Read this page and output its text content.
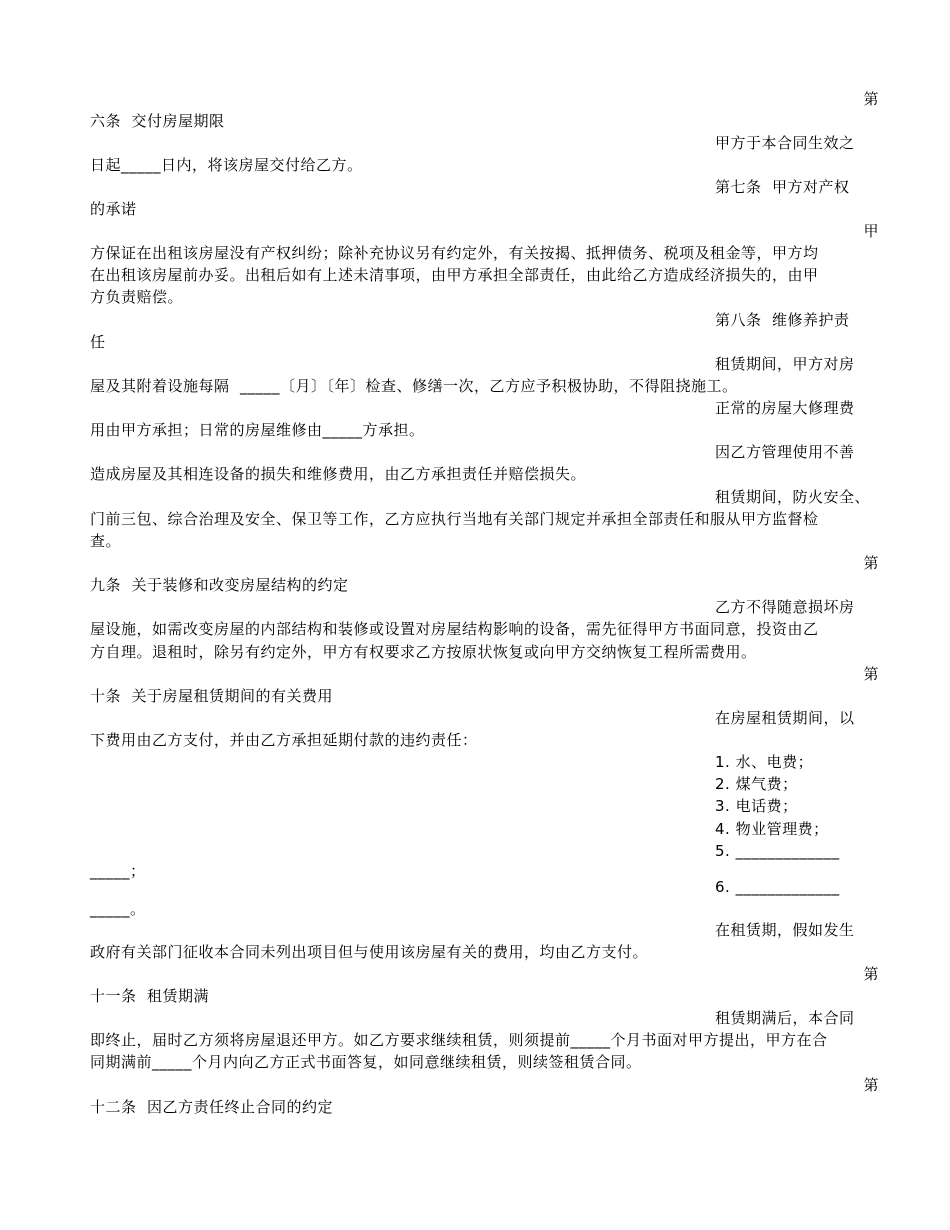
第
六条  交付房屋期限
甲方于本合同生效之
日起_____日内，将该房屋交付给乙方。
第七条  甲方对产权
的承诺
甲
方保证在出租该房屋没有产权纠纷；除补充协议另有约定外，有关按揭、抵押债务、税项及租金等，甲方均
在出租该房屋前办妥。出租后如有上述未清事项，由甲方承担全部责任，由此给乙方造成经济损失的，由甲
方负责赔偿。
第八条  维修养护责
任
租赁期间，甲方对房
屋及其附着设施每隔  _____〔月〕〔年〕检查、修缮一次，乙方应予积极协助，不得阻挠施工。
正常的房屋大修理费
用由甲方承担；日常的房屋维修由_____方承担。
因乙方管理使用不善
造成房屋及其相连设备的损失和维修费用，由乙方承担责任并赔偿损失。
租赁期间，防火安全、
门前三包、综合治理及安全、保卫等工作，乙方应执行当地有关部门规定并承担全部责任和服从甲方监督检
查。
第
九条  关于装修和改变房屋结构的约定
乙方不得随意损坏房
屋设施，如需改变房屋的内部结构和装修或设置对房屋结构影响的设备，需先征得甲方书面同意，投资由乙
方自理。退租时，除另有约定外，甲方有权要求乙方按原状恢复或向甲方交纳恢复工程所需费用。
第
十条  关于房屋租赁期间的有关费用
在房屋租赁期间，以
下费用由乙方支付，并由乙方承担延期付款的违约责任：
1. 水、电费；
2. 煤气费；
3. 电话费；
4. 物业管理费；
5. _____________
_____；
6. _____________
_____。
在租赁期，假如发生
政府有关部门征收本合同未列出项目但与使用该房屋有关的费用，均由乙方支付。
第
十一条  租赁期满
租赁期满后，本合同
即终止，届时乙方须将房屋退还甲方。如乙方要求继续租赁，则须提前_____个月书面对甲方提出，甲方在合
同期满前_____个月内向乙方正式书面答复，如同意继续租赁，则续签租赁合同。
第
十二条  因乙方责任终止合同的约定
